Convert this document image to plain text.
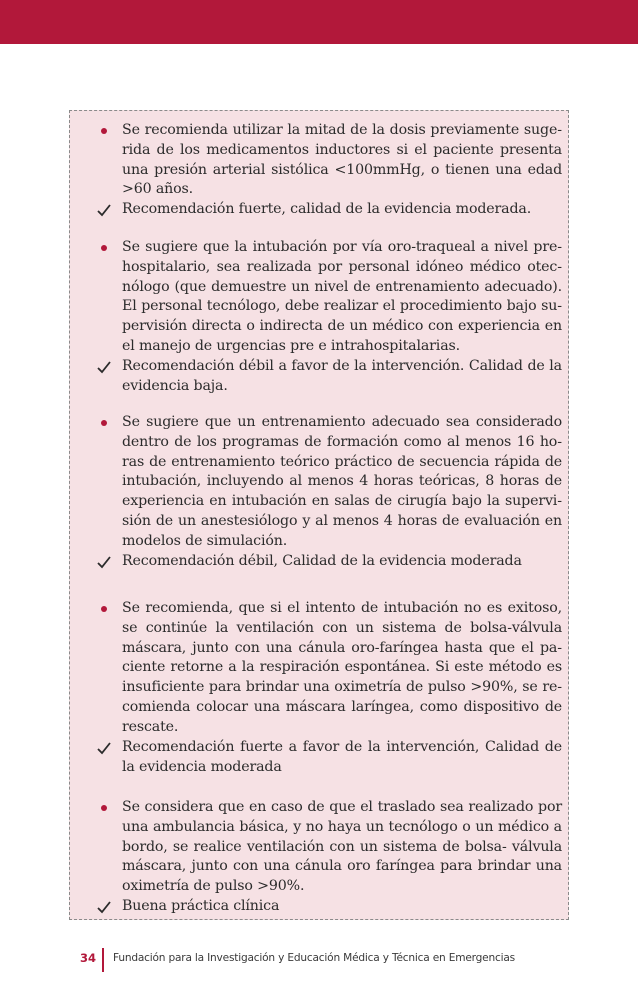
Se recomienda utilizar la mitad de la dosis previamente sugerida de los medicamentos inductores si el paciente presenta una presión arterial sistólica <100mmHg, o tienen una edad >60 años.
Recomendación fuerte, calidad de la evidencia moderada.
Se sugiere que la intubación por vía oro-traqueal a nivel prehospitalario, sea realizada por personal idóneo médico otecnólogo (que demuestre un nivel de entrenamiento adecuado). El personal tecnólogo, debe realizar el procedimiento bajo supervisión directa o indirecta de un médico con experiencia en el manejo de urgencias pre e intrahospitalarias.
Recomendación débil a favor de la intervención. Calidad de la evidencia baja.
Se sugiere que un entrenamiento adecuado sea considerado dentro de los programas de formación como al menos 16 horas de entrenamiento teórico práctico de secuencia rápida de intubación, incluyendo al menos 4 horas teóricas, 8 horas de experiencia en intubación en salas de cirugía bajo la supervisión de un anestesiólogo y al menos 4 horas de evaluación en modelos de simulación.
Recomendación débil, Calidad de la evidencia moderada
Se recomienda, que si el intento de intubación no es exitoso, se continúe la ventilación con un sistema de bolsa-válvula máscara, junto con una cánula oro-faríngea hasta que el paciente retorne a la respiración espontánea. Si este método es insuficiente para brindar una oximetría de pulso >90%, se recomienda colocar una máscara laríngea, como dispositivo de rescate.
Recomendación fuerte a favor de la intervención, Calidad de la evidencia moderada
Se considera que en caso de que el traslado sea realizado por una ambulancia básica, y no haya un tecnólogo o un médico a bordo, se realice ventilación con un sistema de bolsa- válvula máscara, junto con una cánula oro faríngea para brindar una oximetría de pulso >90%.
Buena práctica clínica
34 Fundación para la Investigación y Educación Médica y Técnica en Emergencias
